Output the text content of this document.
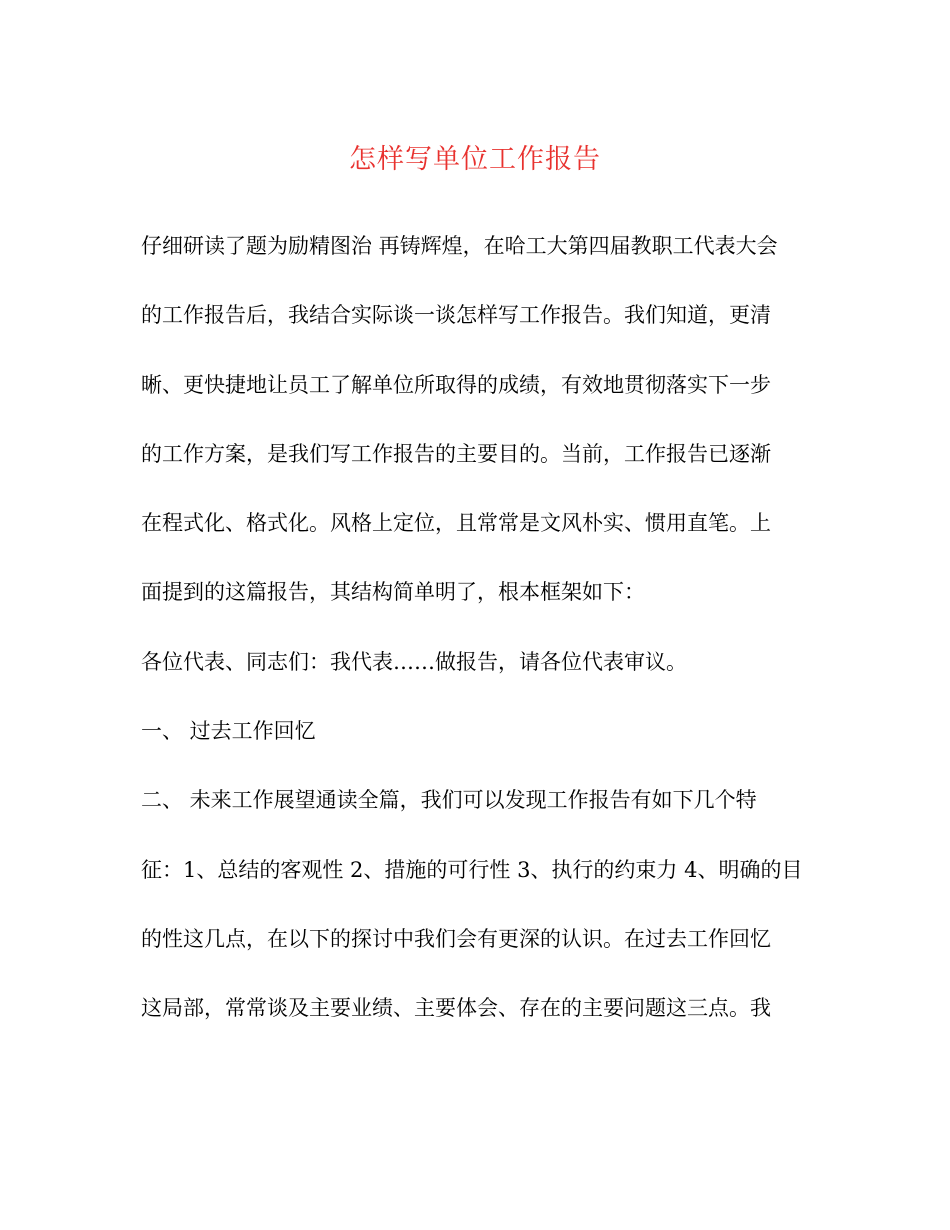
怎样写单位工作报告
仔细研读了题为励精图治 再铸辉煌，在哈工大第四届教职工代表大会
的工作报告后，我结合实际谈一谈怎样写工作报告。我们知道，更清
晰、更快捷地让员工了解单位所取得的成绩，有效地贯彻落实下一步
的工作方案，是我们写工作报告的主要目的。当前，工作报告已逐渐
在程式化、格式化。风格上定位，且常常是文风朴实、惯用直笔。上
面提到的这篇报告，其结构简单明了，根本框架如下：
各位代表、同志们：我代表……做报告，请各位代表审议。
一、 过去工作回忆
二、 未来工作展望通读全篇，我们可以发现工作报告有如下几个特
征：1、总结的客观性 2、措施的可行性 3、执行的约束力 4、明确的目
的性这几点，在以下的探讨中我们会有更深的认识。在过去工作回忆
这局部，常常谈及主要业绩、主要体会、存在的主要问题这三点。我
